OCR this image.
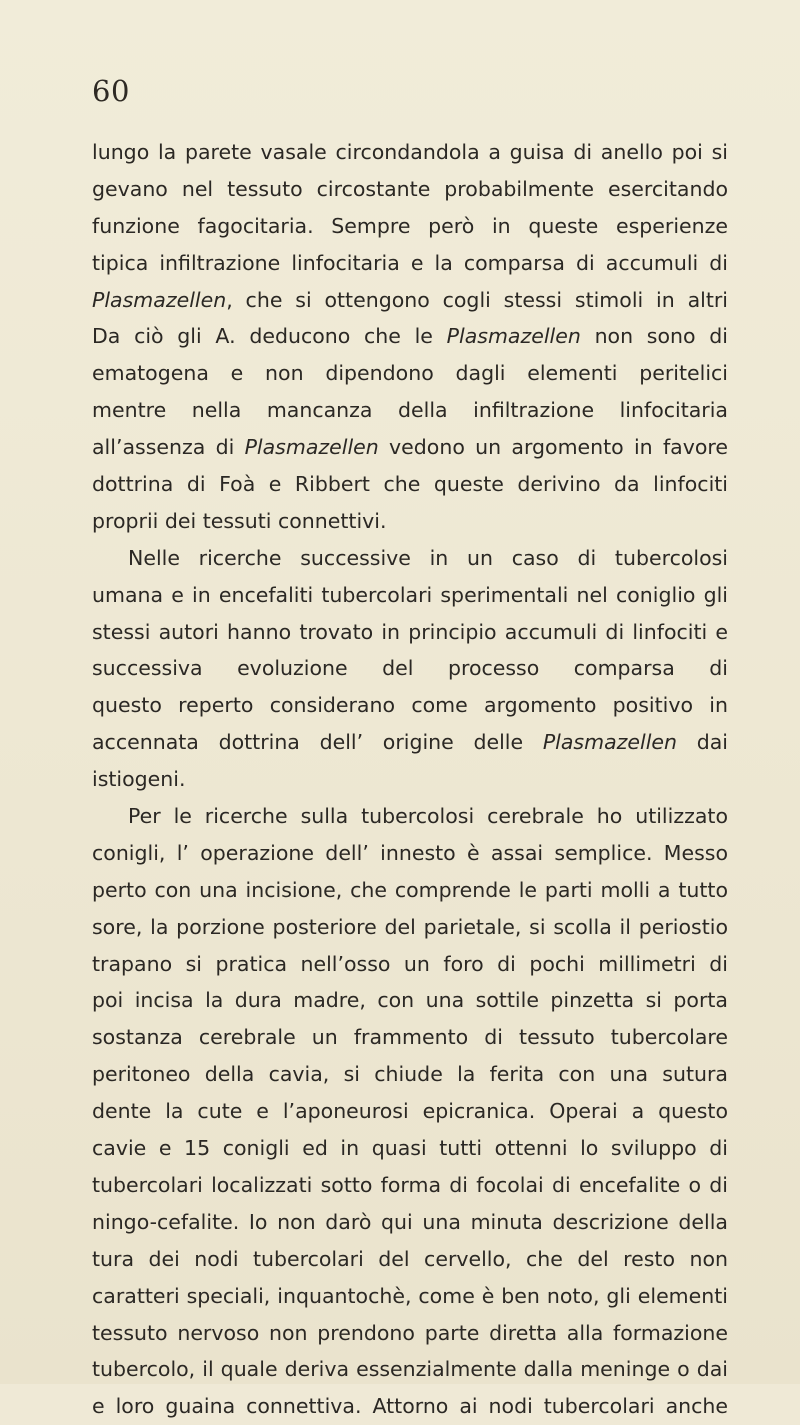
60
lungo la parete vasale circondandola a guisa di anello poi si
gevano nel tessuto circostante probabilmente esercitando
funzione fagocitaria. Sempre però in queste esperienze
tipica infiltrazione linfocitaria e la comparsa di accumuli di
Plasmazellen, che si ottengono cogli stessi stimoli in altri
Da ciò gli A. deducono che le Plasmazellen non sono di
ematogena e non dipendono dagli elementi peritelici
mentre nella mancanza della infiltrazione linfocitaria
all’assenza di Plasmazellen vedono un argomento in favore
dottrina di Foà e Ribbert che queste derivino da linfociti
proprii dei tessuti connettivi.
Nelle ricerche successive in un caso di tubercolosi
umana e in encefaliti tubercolari sperimentali nel coniglio gli
stessi autori hanno trovato in principio accumuli di linfociti e
successiva evoluzione del processo comparsa di
questo reperto considerano come argomento positivo in
accennata dottrina dell’ origine delle Plasmazellen dai
istiogeni.
Per le ricerche sulla tubercolosi cerebrale ho utilizzato
conigli, l’ operazione dell’ innesto è assai semplice. Messo
perto con una incisione, che comprende le parti molli a tutto
sore, la porzione posteriore del parietale, si scolla il periostio
trapano si pratica nell’osso un foro di pochi millimetri di
poi incisa la dura madre, con una sottile pinzetta si porta
sostanza cerebrale un frammento di tessuto tubercolare
peritoneo della cavia, si chiude la ferita con una sutura
dente la cute e l’aponeurosi epicranica. Operai a questo
cavie e 15 conigli ed in quasi tutti ottenni lo sviluppo di
tubercolari localizzati sotto forma di focolai di encefalite o di
ningo-cefalite. Io non darò qui una minuta descrizione della
tura dei nodi tubercolari del cervello, che del resto non
caratteri speciali, inquantochè, come è ben noto, gli elementi
tessuto nervoso non prendono parte diretta alla formazione
tubercolo, il quale deriva essenzialmente dalla meninge o dai
e loro guaina connettiva. Attorno ai nodi tubercolari anche
